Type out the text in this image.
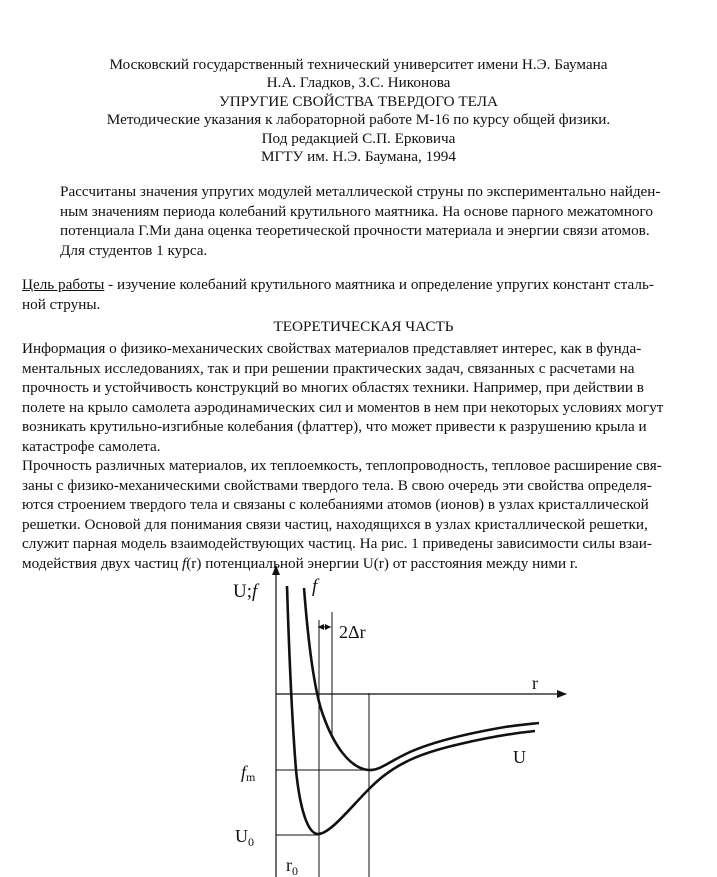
Московский государственный технический университет имени Н.Э. Баумана
Н.А. Гладков, З.С. Никонова
УПРУГИЕ СВОЙСТВА ТВЕРДОГО ТЕЛА
Методические указания к лабораторной работе М-16 по курсу общей физики.
Под редакцией С.П. Ерковича
МГТУ им. Н.Э. Баумана, 1994
Рассчитаны значения упругих модулей металлической струны по экспериментально найден-
ным значениям периода колебаний крутильного маятника. На основе парного межатомного
потенциала Г.Ми дана оценка теоретической прочности материала и энергии связи атомов.
Для студентов 1 курса.
Цель работы - изучение колебаний крутильного маятника и определение упругих констант сталь-
ной струны.
ТЕОРЕТИЧЕСКАЯ ЧАСТЬ
Информация о физико-механических свойствах материалов представляет интерес, как в фунда-
ментальных исследованиях, так и при решении практических задач, связанных с расчетами на
прочность и устойчивость конструкций во многих областях техники. Например, при действии в
полете на крыло самолета аэродинамических сил и моментов в нем при некоторых условиях могут
возникать крутильно-изгибные колебания (флаттер), что может привести к разрушению крыла и
катастрофе самолета.
Прочность различных материалов, их теплоемкость, теплопроводность, тепловое расширение свя-
заны с физико-механическими свойствами твердого тела. В свою очередь эти свойства определя-
ются строением твердого тела и связаны с колебаниями атомов (ионов) в узлах кристаллической
решетки. Основой для понимания связи частиц, находящихся в узлах кристаллической решетки,
служит парная модель взаимодействующих частиц. На рис. 1 приведены зависимости силы взаи-
модействия двух частиц f(r) потенциальной энергии U(r) от расстояния между ними r.
U;f	f
2Δr
r
U
fm
$U_0$
$r_0$
